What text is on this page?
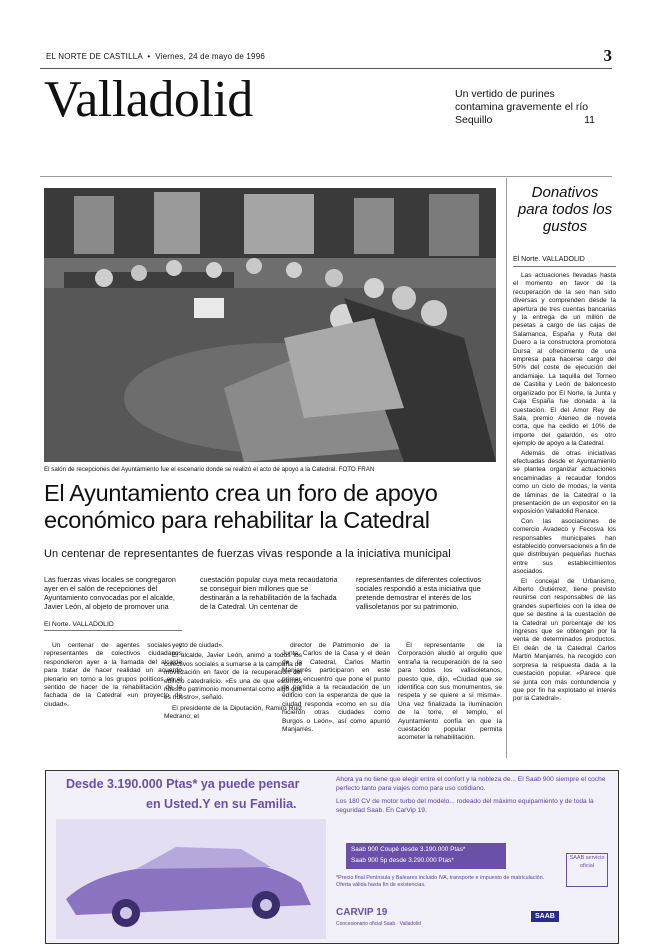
EL NORTE DE CASTILLA  •  Viernes, 24 de mayo de 1996	3
Valladolid	Un vertido de purines contamina gravemente el río Sequillo	11
El salón de recepciones del Ayuntamiento fue el escenario donde se realizó el acto de apoyo a la Catedral. FOTO FRAN
El Ayuntamiento crea un foro de apoyo económico para rehabilitar la Catedral
Un centenar de representantes de fuerzas vivas responde a la iniciativa municipal
Las fuerzas vivas locales se congregaron ayer en el salón de recepciones del Ayuntamiento convocadas por el alcalde, Javier León, al objeto de promover una
cuestación popular cuya meta recaudatoria se conseguir bien millones que se destinarán a la rehabilitación de la fachada de la Catedral. Un centenar de
representantes de diferentes colectivos sociales respondió a esta iniciativa que pretende demostrar el interés de los vallisoletanos por su patrimonio.
El Norte. VALLADOLID

Un centenar de agentes sociales y representantes de colectivos ciudadanos respondieron ayer a la llamada del alcalde para tratar de hacer realidad un acuerdo plenario en torno a los grupos políticos en el sentido de hacer de la rehabilitación de la fachada de la Catedral «un proyecto de ciudad».

yecto de ciudad».

El alcalde, Javier León, animó a todos los colectivos sociales a sumarse a la campaña de movilización en favor de la recuperación del edificio catedralicio. «Es una de que estemos nuestro patrimonio monumental como algo que es nuestro», señaló.

El presidente de la Diputación, Ramiro Ruiz Medrano; el

director de Patrimonio de la Junta, Carlos de la Casa y el deán de la Catedral, Carlos Martín Manjarrés participaron en este primer encuentro que pone el punto de partida a la recaudación de un edificio con la esperanza de que la ciudad responda «como en su día hicieron otras ciudades como Burgos o León», así como apuntó Manjarrés.

El representante de la Corporación aludió al orgullo que entraña la recuperación de la seo para todos los vallisoletanos, puesto que, dijo, «Ciudad que se identifica con sus monumentos, se respeta y se quiere a sí misma». Una vez finalizada la iluminación de la torre, el templo, el Ayuntamiento confía en que la cuestación popular permita acometer la rehabilitación.

Donativos para todos los gustos
El Norte. VALLADOLID

Las actuaciones llevadas hasta el momento en favor de la recuperación de la seo han sido diversas y comprenden desde la apertura de tres cuentas bancarias y la entrega de un millón de pesetas a cargo de las cajas de Salamanca, España y Ruta del Duero a la constructora promotora Dursa al ofrecimiento de una empresa para hacerse cargo del 50% del coste de ejecución del andamiaje. La taquilla del Torneo de Castilla y León de baloncesto organizado por El Norte, la Junta y Caja España fue donada a la cuestación. El del Amor Rey de Sala, premio Ateneo de novela corta, que ha cedido el 10% de importe del galardón, es otro ejemplo de apoyo a la Catedral.

Además de otras iniciativas efectuadas desde el Ayuntamiento se plantea organizar actuaciones encaminadas a recaudar fondos como un ciclo de modas, la venta de láminas de la Catedral o la presentación de un expositor en la exposición Valladolid Renace.

Con las asociaciones de comercio Avadeco y Fecosva los responsables municipales han establecido conversaciones a fin de que distribuyan pequeñas huchas entre sus establecimientos asociados.

El concejal de Urbanismo, Alberto Gutiérrez, tiene previsto reunirse con responsables de las grandes superficies con la idea de que se destine a la cuestación de la Catedral un porcentaje de los ingresos que se obtengan por la venta de determinados productos. El deán de la Catedral Carlos Martín Manjarrés, ha recogido con sorpresa la respuesta dada a la cuestación popular. «Parece que se junta con más contundencia y que por fin ha explotado el interés por la Catedral».

Desde 3.190.000 Ptas* ya puede pensar
en Usted.Y en su Familia.

Ahora ya no tiene que elegir entre el confort y la nobleza de... El Saab 900 siempre el coche perfecto tanto para viajes como para uso cotidiano.

Los 180 CV de motor turbo del modelo... rodeado del máximo equipamiento y de toda la seguridad Saab. En CarVip 19.

Saab 900 Coupé desde 3.190.000 Ptas*
Saab 900 5p desde 3.290.000 Ptas*	SAAB servicio oficial
*Precio final Península y Baleares incluido IVA, transporte e impuesto de matriculación. Oferta válida hasta fin de existencias.
CARVIP 19
Concesionario oficial Saab · Valladolid
SAAB
